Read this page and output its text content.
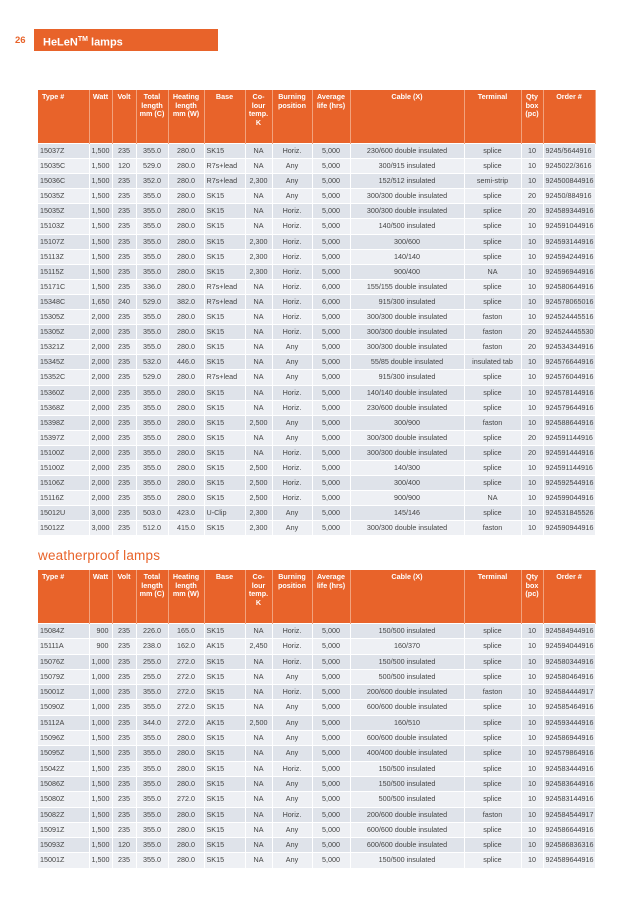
26	HeLeN™ lamps
Type #	Watt	Volt	Total length mm (C)	Heating length mm (W)	Base	Co-lour temp. K	Burning position	Average life (hrs)	Cable (X)	Terminal	Qty box (pc)	Order #
15037Z	1,500	235	355.0	280.0	SK15	NA	Horiz.	5,000	230/600 double insulated	splice	10	9245/5644916
15035C	1,500	120	529.0	280.0	R7s+lead	NA	Any	5,000	300/915 insulated	splice	10	9245022/3616
15036C	1,500	235	352.0	280.0	R7s+lead	2,300	Any	5,000	152/512 insulated	semi-strip	10	924500844916
15035Z	1,500	235	355.0	280.0	SK15	NA	Any	5,000	300/300 double insulated	splice	20	92450/884916
15035Z	1,500	235	355.0	280.0	SK15	NA	Horiz.	5,000	300/300 double insulated	splice	20	924589344916
15103Z	1,500	235	355.0	280.0	SK15	NA	Horiz.	5,000	140/500 insulated	splice	10	924591044916
15107Z	1,500	235	355.0	280.0	SK15	2,300	Horiz.	5,000	300/600	splice	10	924593144916
15113Z	1,500	235	355.0	280.0	SK15	2,300	Horiz.	5,000	140/140	splice	10	924594244916
15115Z	1,500	235	355.0	280.0	SK15	2,300	Horiz.	5,000	900/400	NA	10	924596944916
15171C	1,500	235	336.0	280.0	R7s+lead	NA	Horiz.	6,000	155/155 double insulated	splice	10	924580644916
15348C	1,650	240	529.0	382.0	R7s+lead	NA	Horiz.	6,000	915/300 insulated	splice	10	924578065016
15305Z	2,000	235	355.0	280.0	SK15	NA	Horiz.	5,000	300/300 double insulated	faston	10	924524445516
15305Z	2,000	235	355.0	280.0	SK15	NA	Horiz.	5,000	300/300 double insulated	faston	20	924524445530
15321Z	2,000	235	355.0	280.0	SK15	NA	Any	5,000	300/300 double insulated	faston	20	924534344916
15345Z	2,000	235	532.0	446.0	SK15	NA	Any	5,000	55/85 double insulated	insulated tab	10	924576644916
15352C	2,000	235	529.0	280.0	R7s+lead	NA	Any	5,000	915/300 insulated	splice	10	924576044916
15360Z	2,000	235	355.0	280.0	SK15	NA	Horiz.	5,000	140/140 double insulated	splice	10	924578144916
15368Z	2,000	235	355.0	280.0	SK15	NA	Horiz.	5,000	230/600 double insulated	splice	10	924579644916
15398Z	2,000	235	355.0	280.0	SK15	2,500	Any	5,000	300/900	faston	10	924588644916
15397Z	2,000	235	355.0	280.0	SK15	NA	Any	5,000	300/300 double insulated	splice	20	924591144916
15100Z	2,000	235	355.0	280.0	SK15	NA	Horiz.	5,000	300/300 double insulated	splice	20	924591444916
15100Z	2,000	235	355.0	280.0	SK15	2,500	Horiz.	5,000	140/300	splice	10	924591144916
15106Z	2,000	235	355.0	280.0	SK15	2,500	Horiz.	5,000	300/400	splice	10	924592544916
15116Z	2,000	235	355.0	280.0	SK15	2,500	Horiz.	5,000	900/900	NA	10	924599044916
15012U	3,000	235	503.0	423.0	U-Clip	2,300	Any	5,000	145/146	splice	10	924531845526
15012Z	3,000	235	512.0	415.0	SK15	2,300	Any	5,000	300/300 double insulated	faston	10	924590944916
weatherproof lamps
Type #	Watt	Volt	Total length mm (C)	Heating length mm (W)	Base	Co-lour temp. K	Burning position	Average life (hrs)	Cable (X)	Terminal	Qty box (pc)	Order #
15084Z	900	235	226.0	165.0	SK15	NA	Horiz.	5,000	150/500 insulated	splice	10	924584944916
15111A	900	235	238.0	162.0	AK15	2,450	Horiz.	5,000	160/370	splice	10	924594044916
15076Z	1,000	235	255.0	272.0	SK15	NA	Horiz.	5,000	150/500 insulated	splice	10	924580344916
15079Z	1,000	235	255.0	272.0	SK15	NA	Any	5,000	500/500 insulated	splice	10	924580464916
15001Z	1,000	235	355.0	272.0	SK15	NA	Horiz.	5,000	200/600 double insulated	faston	10	924584444917
15090Z	1,000	235	355.0	272.0	SK15	NA	Any	5,000	600/600 double insulated	splice	10	924585464916
15112A	1,000	235	344.0	272.0	AK15	2,500	Any	5,000	160/510	splice	10	924593444916
15096Z	1,500	235	355.0	280.0	SK15	NA	Any	5,000	600/600 double insulated	splice	10	924586944916
15095Z	1,500	235	355.0	280.0	SK15	NA	Any	5,000	400/400 double insulated	splice	10	924579864916
15042Z	1,500	235	355.0	280.0	SK15	NA	Horiz.	5,000	150/500 insulated	splice	10	924583444916
15086Z	1,500	235	355.0	280.0	SK15	NA	Any	5,000	150/500 insulated	splice	10	924583644916
15080Z	1,500	235	355.0	272.0	SK15	NA	Any	5,000	500/500 insulated	splice	10	924583144916
15082Z	1,500	235	355.0	280.0	SK15	NA	Horiz.	5,000	200/600 double insulated	faston	10	924584544917
15091Z	1,500	235	355.0	280.0	SK15	NA	Any	5,000	600/600 double insulated	splice	10	924586644916
15093Z	1,500	120	355.0	280.0	SK15	NA	Any	5,000	600/600 double insulated	splice	10	924586836316
15001Z	1,500	235	355.0	280.0	SK15	NA	Any	5,000	150/500 insulated	splice	10	924589644916
